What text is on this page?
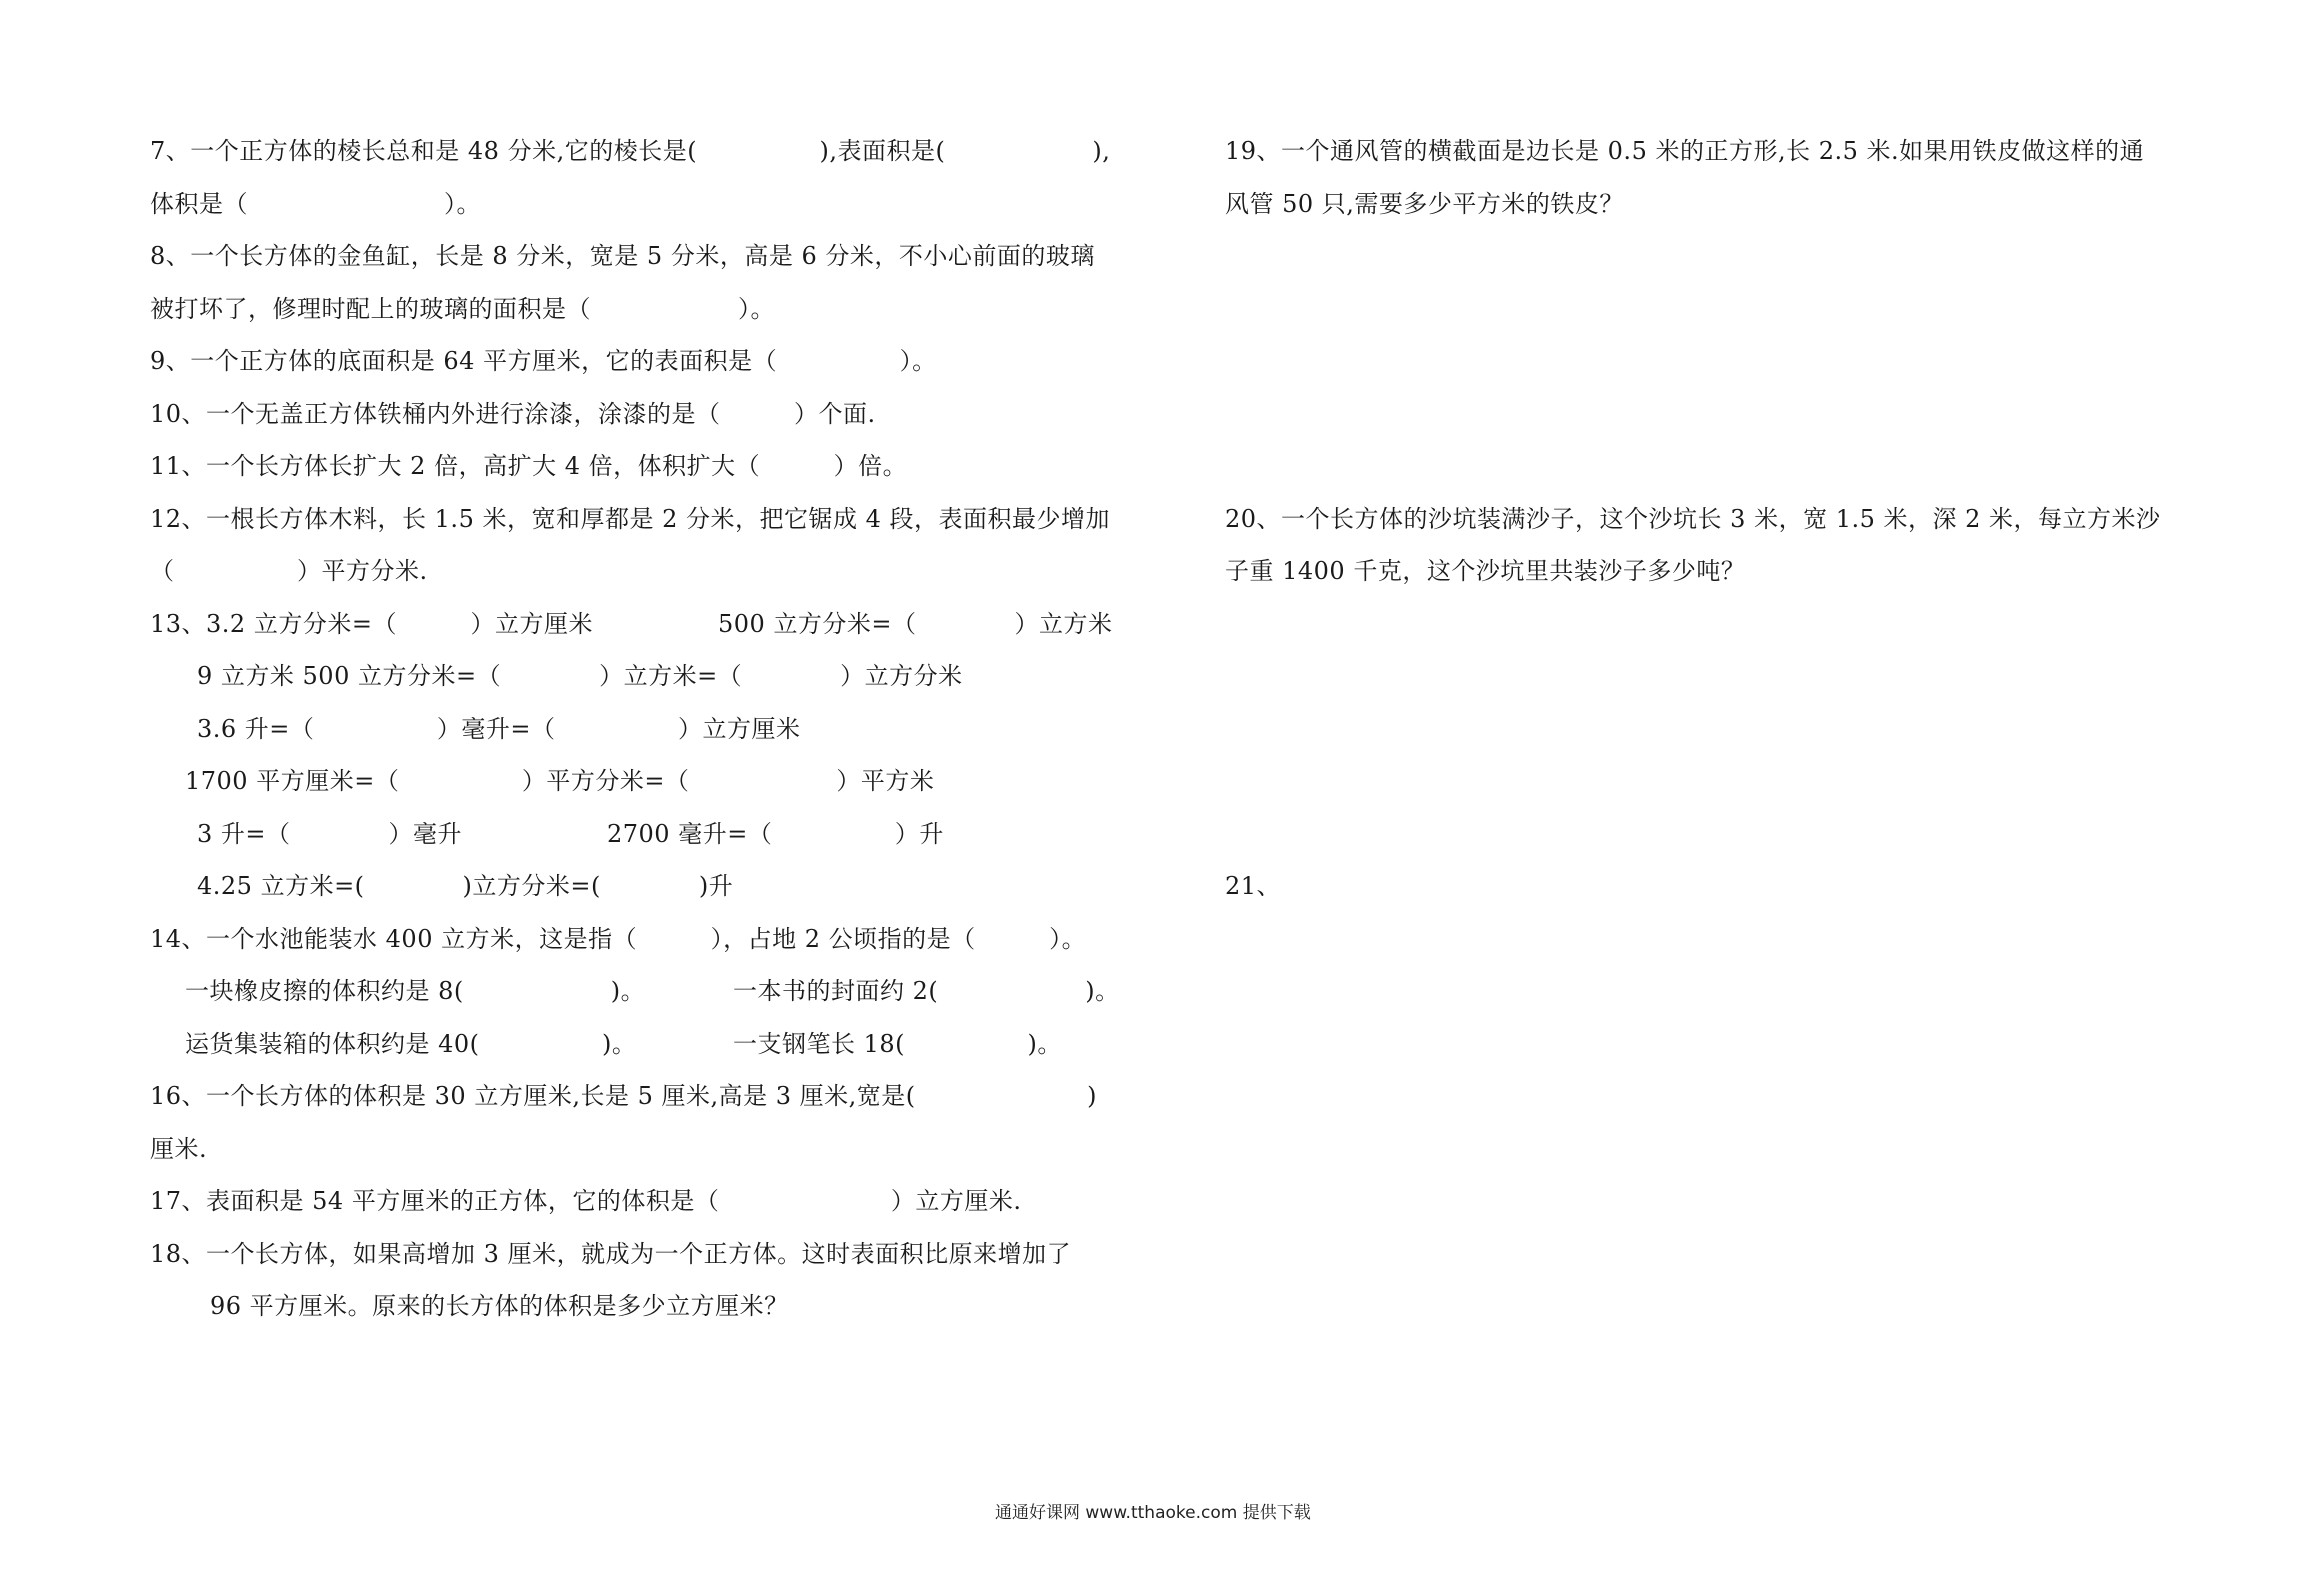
7、一个正方体的棱长总和是 48 分米,它的棱长是(　　　　　),表面积是(　　　　　　),
体积是（　　　　　　　　）。
8、一个长方体的金鱼缸，长是 8 分米，宽是 5 分米，高是 6 分米，不小心前面的玻璃
被打坏了，修理时配上的玻璃的面积是（　　　　　　）。
9、一个正方体的底面积是 64 平方厘米，它的表面积是（　　　　　）。
10、一个无盖正方体铁桶内外进行涂漆，涂漆的是（　　　）个面.
11、一个长方体长扩大 2 倍，高扩大 4 倍，体积扩大（　　　）倍。
12、一根长方体木料，长 1.5 米，宽和厚都是 2 分米，把它锯成 4 段，表面积最少增加
（　　　　　）平方分米.
13、3.2 立方分米=（　　　）立方厘米	500 立方分米=（　　　　）立方米
9 立方米 500 立方分米=（　　　　）立方米=（　　　　）立方分米
3.6 升=（　　　　　）毫升=（　　　　　）立方厘米
1700 平方厘米=（　　　　　）平方分米=（　　　　　　）平方米
3 升=（　　　　）毫升	2700 毫升=（　　　　　）升
4.25 立方米=(　　　　)立方分米=(　　　　)升
14、一个水池能装水 400 立方米，这是指（　　　），占地 2 公顷指的是（　　　）。
一块橡皮擦的体积约是 8(　　　　　　)。	一本书的封面约 2(　　　　　　)。
运货集装箱的体积约是 40(　　　　　)。	一支钢笔长 18(　　　　　)。
16、一个长方体的体积是 30 立方厘米,长是 5 厘米,高是 3 厘米,宽是(　　　　　　　)
厘米.
17、表面积是 54 平方厘米的正方体，它的体积是（　　　　　　　）立方厘米.
18、一个长方体，如果高增加 3 厘米，就成为一个正方体。这时表面积比原来增加了
96 平方厘米。原来的长方体的体积是多少立方厘米？
19、一个通风管的横截面是边长是 0.5 米的正方形,长 2.5 米.如果用铁皮做这样的通
风管 50 只,需要多少平方米的铁皮？
20、一个长方体的沙坑装满沙子，这个沙坑长 3 米，宽 1.5 米，深 2 米，每立方米沙
子重 1400 千克，这个沙坑里共装沙子多少吨？
21、
通通好课网 www.tthaoke.com 提供下载
